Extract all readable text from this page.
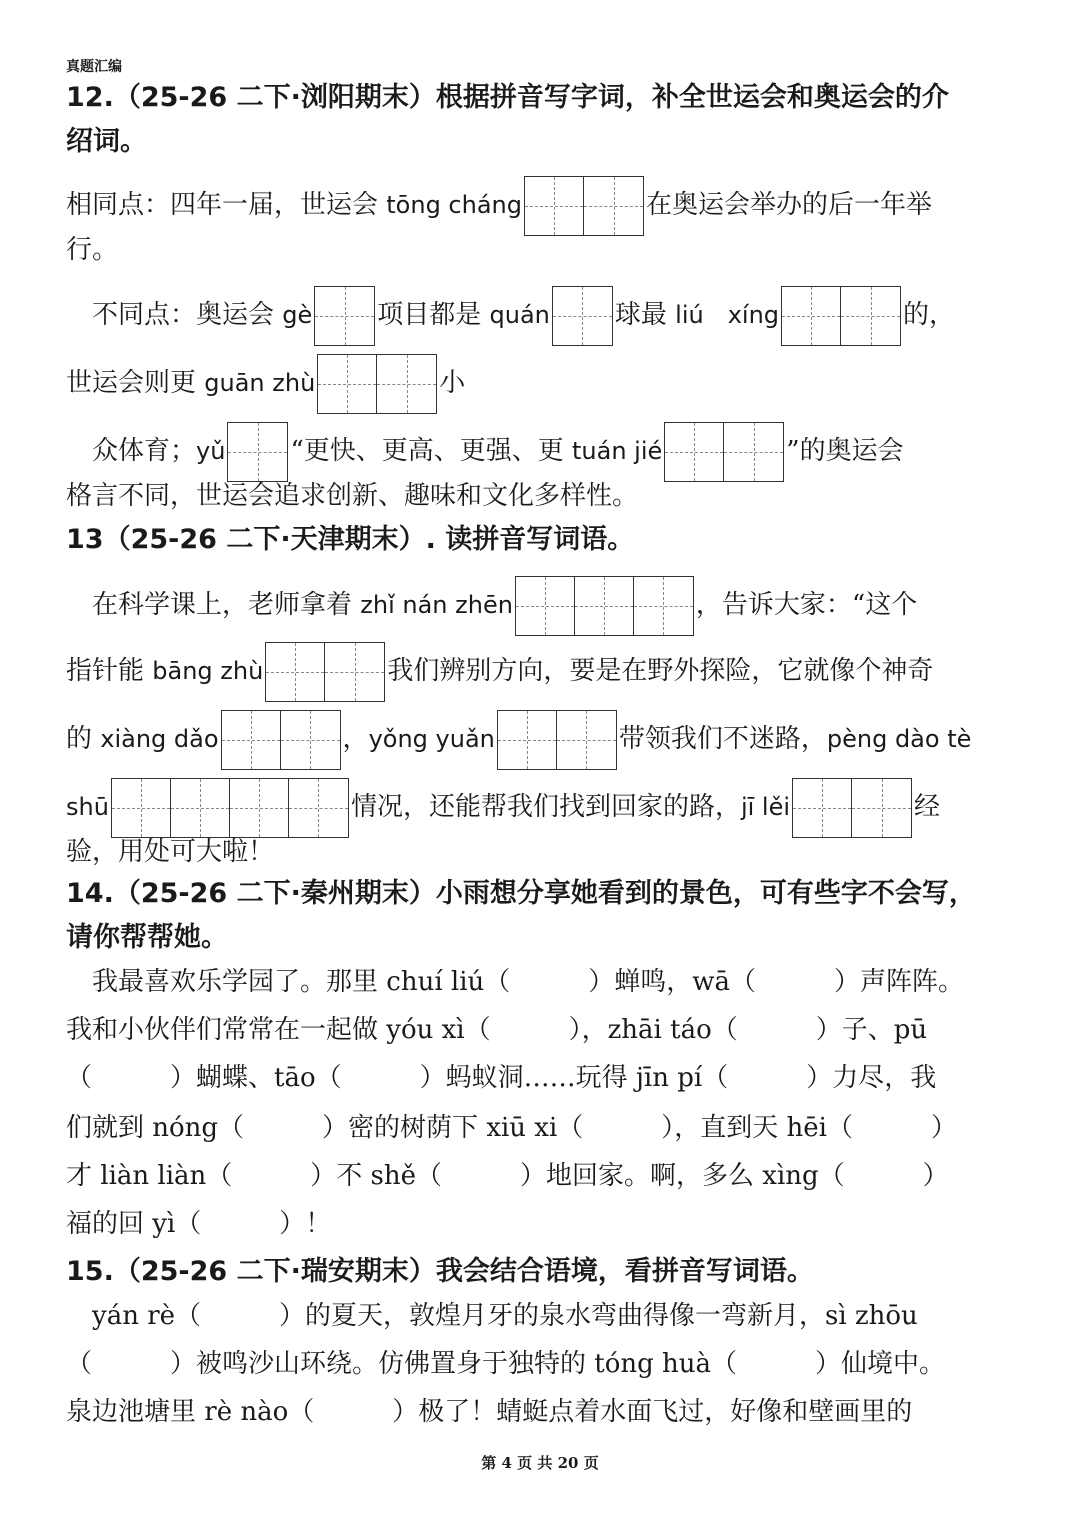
真题汇编
12.（25-26 二下·浏阳期末）根据拼音写字词，补全世运会和奥运会的介
绍词。
相同点：四年一届，世运会 tōng cháng	在奥运会举办的后一年举
行。
　不同点：奥运会 gè	项目都是 quán	球最 liú　xíng	的，
世运会则更 guān zhù	小
　众体育；yǔ	“更快、更高、更强、更 tuán jié	”的奥运会
格言不同，世运会追求创新、趣味和文化多样性。
13（25-26 二下·天津期末）. 读拼音写词语。
　在科学课上，老师拿着 zhǐ nán zhēn	，告诉大家：“这个
指针能 bāng zhù	我们辨别方向，要是在野外探险，它就像个神奇
的 xiàng dǎo	，yǒng yuǎn	带领我们不迷路，pèng dào tè
shū	情况，还能帮我们找到回家的路，jī lěi	经
验，用处可大啦！
14.（25-26 二下·秦州期末）小雨想分享她看到的景色，可有些字不会写，
请你帮帮她。
　我最喜欢乐学园了。那里 chuí liú（　　　）蝉鸣，wā（　　　）声阵阵。
我和小伙伴们常常在一起做 yóu xì（　　　），zhāi táo（　　　）子、pū
（　　　）蝴蝶、tāo（　　　）蚂蚁洞……玩得 jīn pí（　　　）力尽，我
们就到 nóng（　　　）密的树荫下 xiū xi（　　　），直到天 hēi（　　　）
才 liàn liàn（　　　）不 shě（　　　）地回家。啊，多么 xìng（　　　）
福的回 yì（　　　）！
15.（25-26 二下·瑞安期末）我会结合语境，看拼音写词语。
　yán rè（　　　）的夏天，敦煌月牙的泉水弯曲得像一弯新月，sì zhōu
（　　　）被鸣沙山环绕。仿佛置身于独特的 tóng huà（　　　）仙境中。
泉边池塘里 rè nào（　　　）极了！蜻蜓点着水面飞过，好像和壁画里的
第 4 页 共 20 页
